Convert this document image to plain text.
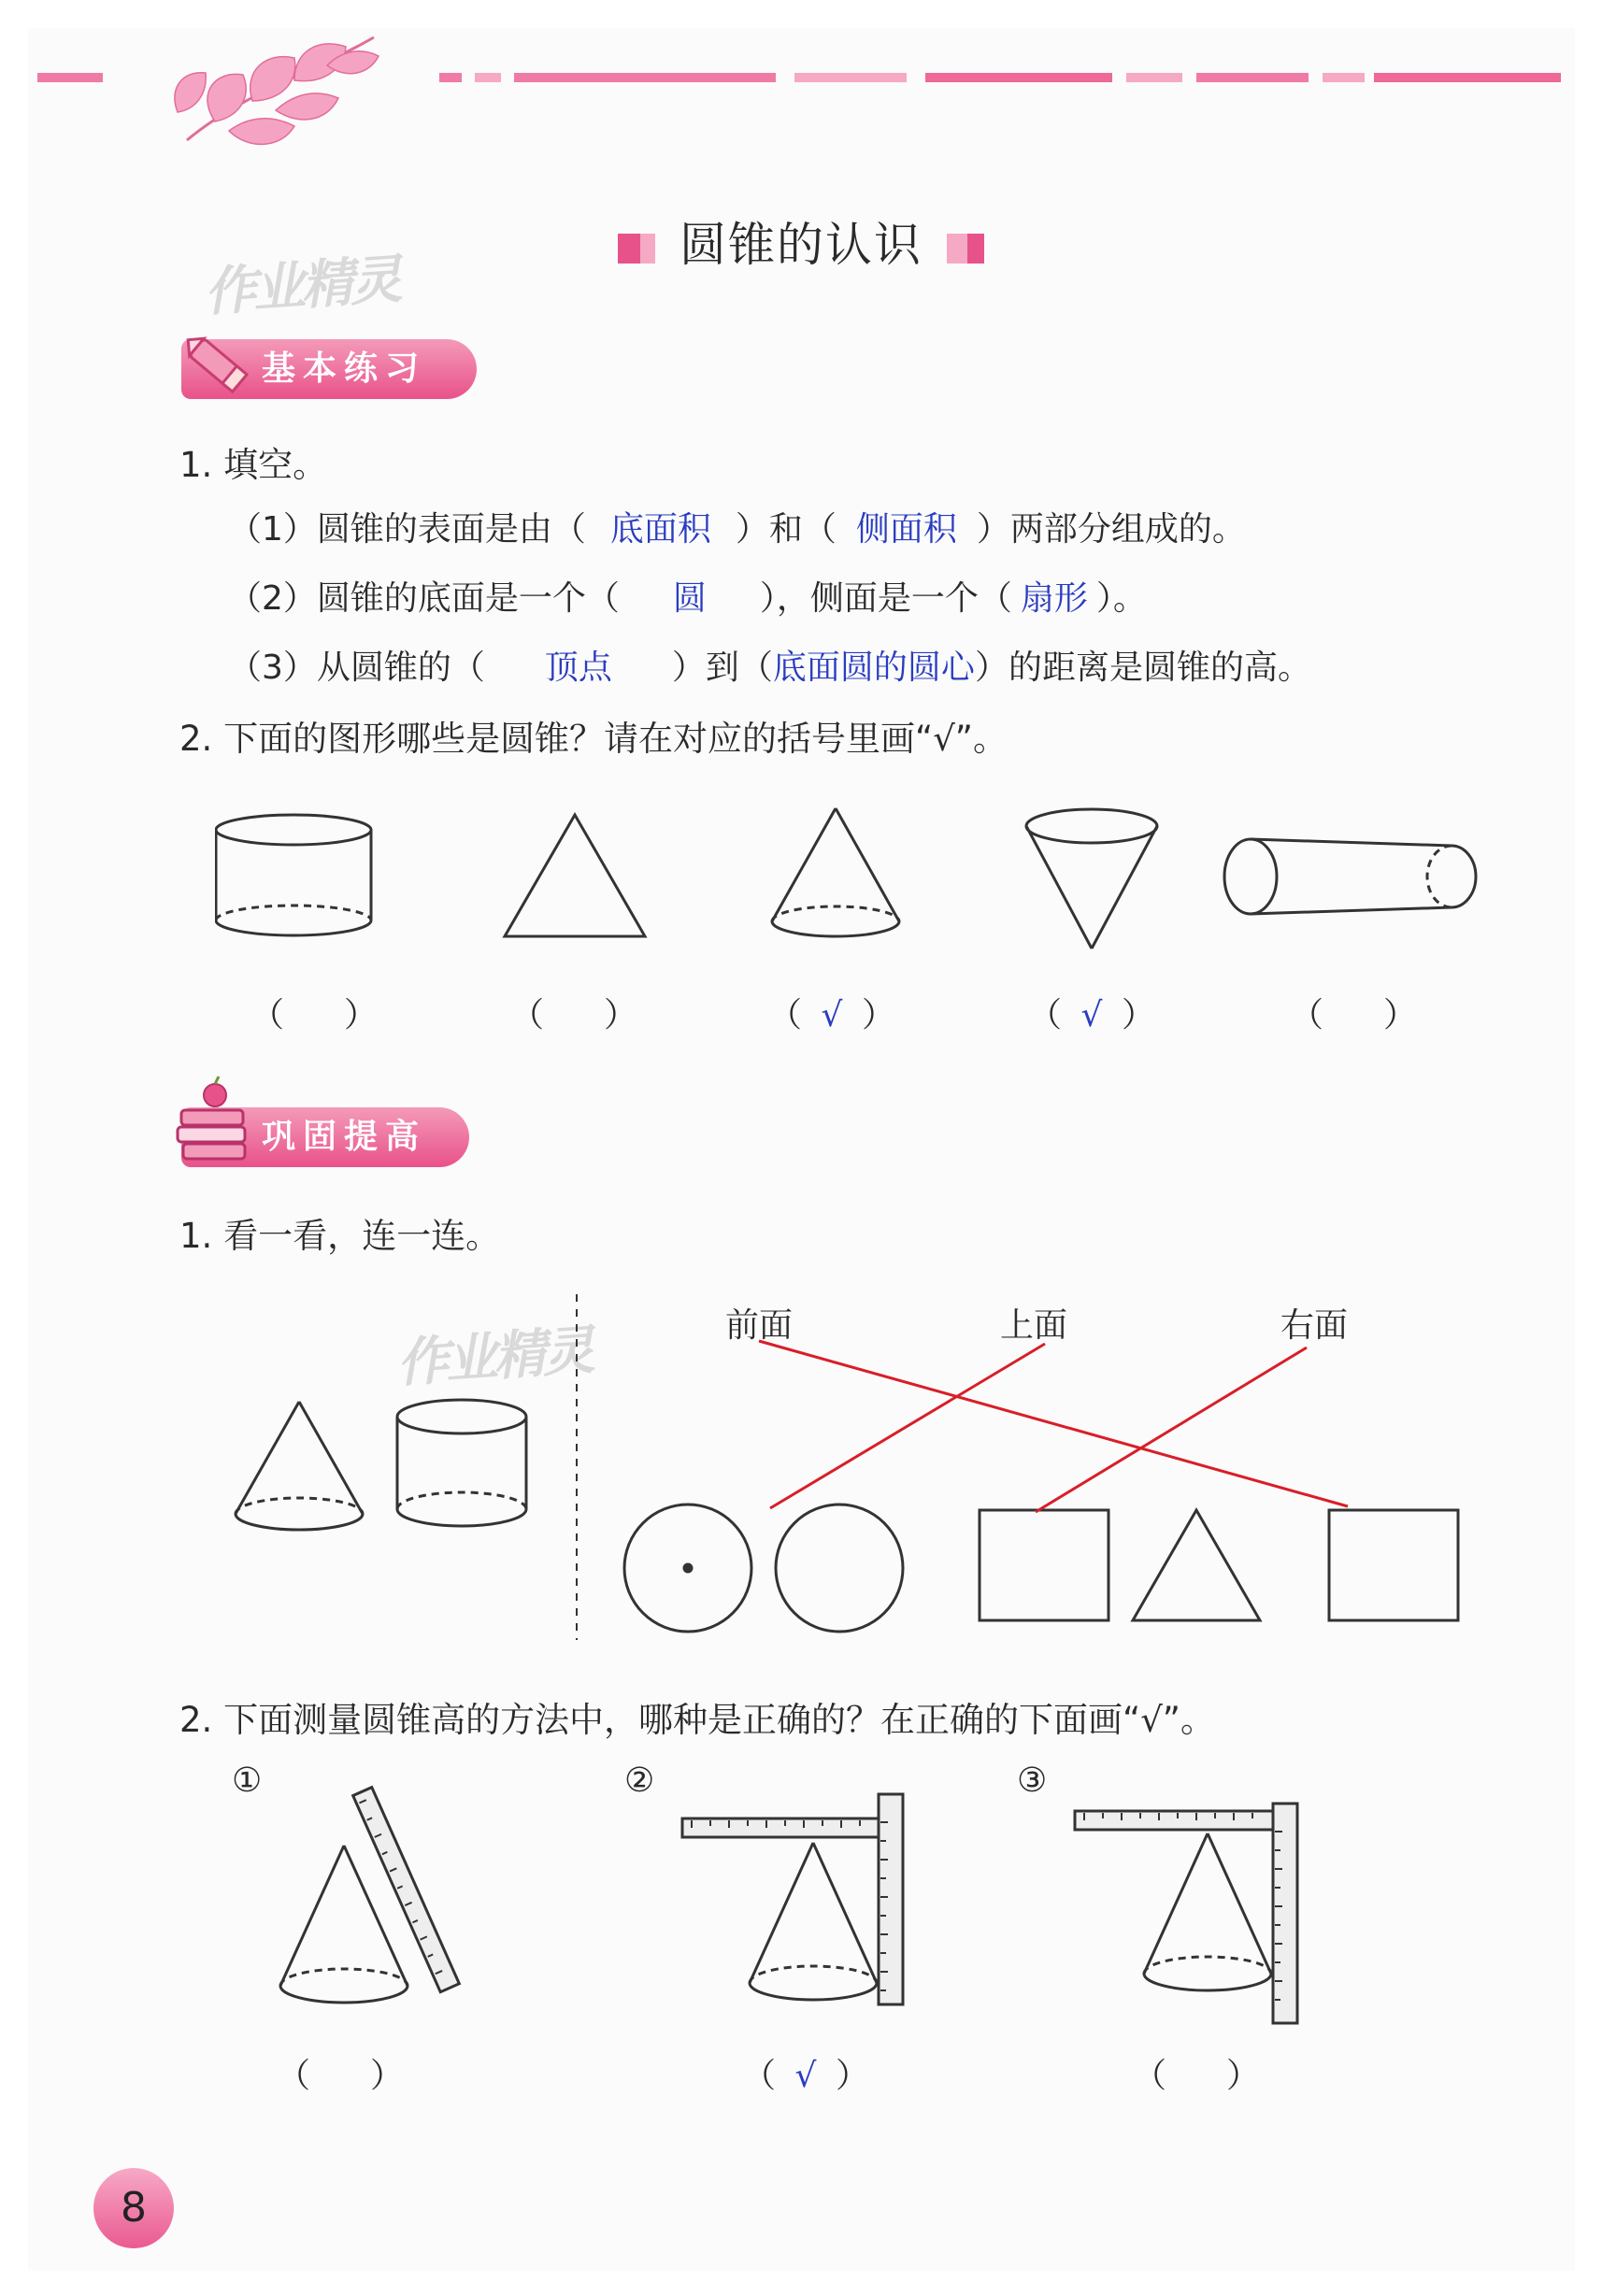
圆锥的认识
作业精灵
基本练习
1. 填空。
（1）圆锥的表面是由（ 底面积 ）和（ 侧面积 ）两部分组成的。
（2）圆锥的底面是一个（ 圆 ），侧面是一个（ 扇形 ）。
（3）从圆锥的（ 顶点 ）到（底面圆的圆心）的距离是圆锥的高。
2. 下面的图形哪些是圆锥？请在对应的括号里画“√”。
（ ）	（ ）	（ √ ）	（ √ ）	（ ）
巩固提高
1. 看一看，连一连。
作业精灵	前面	上面	右面
2. 下面测量圆锥高的方法中，哪种是正确的？在正确的下面画“√”。
①	②	③
（ ）	（ √ ）	（ ）
8
